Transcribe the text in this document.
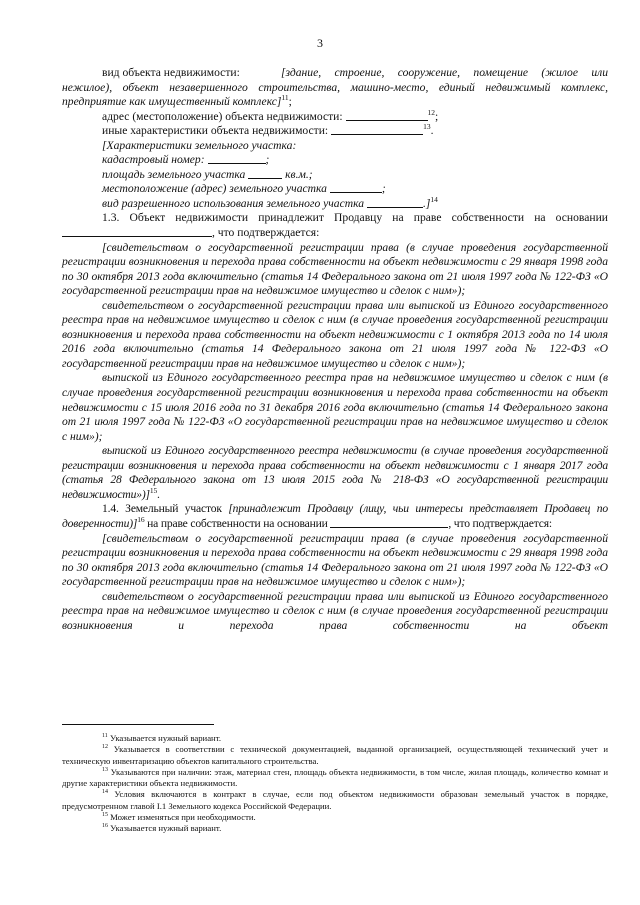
3

вид объекта недвижимости:	[здание, строение, сооружение, помещение (жилое или нежилое), объект незавершенного строительства, машино-место, единый недвижимый комплекс, предприятие как имущественный комплекс]$^{11}$;

адрес (местоположение) объекта недвижимости:	$^{12}$;

иные характеристики объекта недвижимости:	$^{13}$.

[Характеристики земельного участка:

кадастровый номер:	;

площадь земельного участка	кв.м.;

местоположение (адрес) земельного участка	;

вид разрешенного использования земельного участка	.]$^{14}$

1.3. Объект недвижимости принадлежит Продавцу на праве собственности на основании , что подтверждается:

[свидетельством о государственной регистрации права (в случае проведения государственной регистрации возникновения и перехода права собственности на объект недвижимости с 29 января 1998 года по 30 октября 2013 года включительно (статья 14 Федерального закона от 21 июля 1997 года № 122-ФЗ «О государственной регистрации прав на недвижимое имущество и сделок с ним»);

свидетельством о государственной регистрации права или выпиской из Единого государственного реестра прав на недвижимое имущество и сделок с ним (в случае проведения государственной регистрации возникновения и перехода права собственности на объект недвижимости с 1 октября 2013 года по 14 июля 2016 года включительно (статья 14 Федерального закона от 21 июля 1997 года № 122-ФЗ «О государственной регистрации прав на недвижимое имущество и сделок с ним»);

выпиской из Единого государственного реестра прав на недвижимое имущество и сделок с ним (в случае проведения государственной регистрации возникновения и перехода права собственности на объект недвижимости с 15 июля 2016 года по 31 декабря 2016 года включительно (статья 14 Федерального закона от 21 июля 1997 года № 122-ФЗ «О государственной регистрации прав на недвижимое имущество и сделок с ним»);

выпиской из Единого государственного реестра недвижимости (в случае проведения государственной регистрации возникновения и перехода права собственности на объект недвижимости с 1 января 2017 года (статья 28 Федерального закона от 13 июля 2015 года № 218-ФЗ «О государственной регистрации недвижимости»)]$^{15}$.

1.4. Земельный участок [принадлежит Продавцу (лицу, чьи интересы представляет Продавец по доверенности)]$^{16}$ на праве собственности на основании	, что подтверждается:

[свидетельством о государственной регистрации права (в случае проведения государственной регистрации возникновения и перехода права собственности на объект недвижимости с 29 января 1998 года по 30 октября 2013 года включительно (статья 14 Федерального закона от 21 июля 1997 года № 122-ФЗ «О государственной регистрации прав на недвижимое имущество и сделок с ним»);

свидетельством о государственной регистрации права или выпиской из Единого государственного реестра прав на недвижимое имущество и сделок с ним (в случае проведения государственной регистрации возникновения и перехода права собственности на объект

$^{11}$ Указывается нужный вариант.

$^{12}$ Указывается в соответствии с технической документацией, выданной организацией, осуществляющей технический учет и техническую инвентаризацию объектов капитального строительства.

$^{13}$ Указываются при наличии: этаж, материал стен, площадь объекта недвижимости, в том числе, жилая площадь, количество комнат и другие характеристики объекта недвижимости.

$^{14}$ Условия включаются в контракт в случае, если под объектом недвижимости образован земельный участок в порядке, предусмотренном главой I.1 Земельного кодекса Российской Федерации.

$^{15}$ Может изменяться при необходимости.

$^{16}$ Указывается нужный вариант.
